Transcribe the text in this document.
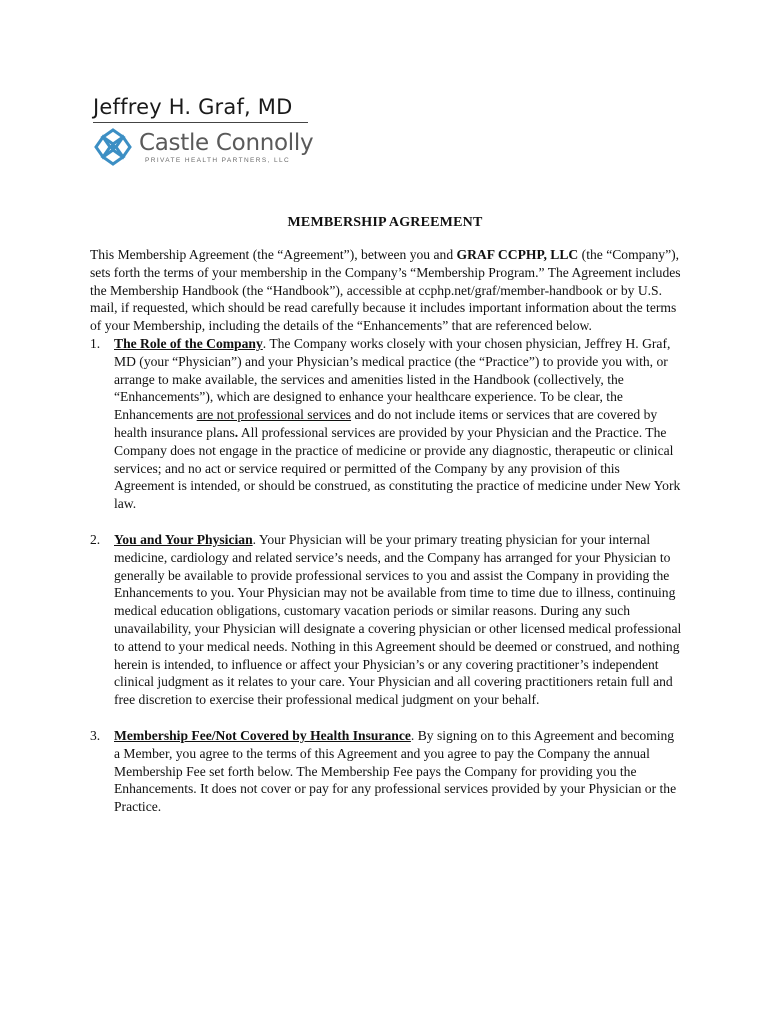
Jeffrey H. Graf, MD
Castle Connolly
PRIVATE HEALTH PARTNERS, LLC
MEMBERSHIP AGREEMENT

This Membership Agreement (the “Agreement”), between you and GRAF CCPHP, LLC (the “Company”), sets forth the terms of your membership in the Company’s “Membership Program.” The Agreement includes the Membership Handbook (the “Handbook”), accessible at ccphp.net/graf/member-handbook or by U.S. mail, if requested, which should be read carefully because it includes important information about the terms of your Membership, including the details of the “Enhancements” that are referenced below.

1. The Role of the Company. The Company works closely with your chosen physician, Jeffrey H. Graf, MD (your “Physician”) and your Physician’s medical practice (the “Practice”) to provide you with, or arrange to make available, the services and amenities listed in the Handbook (collectively, the “Enhancements”), which are designed to enhance your healthcare experience. To be clear, the Enhancements are not professional services and do not include items or services that are covered by health insurance plans. All professional services are provided by your Physician and the Practice. The Company does not engage in the practice of medicine or provide any diagnostic, therapeutic or clinical services; and no act or service required or permitted of the Company by any provision of this Agreement is intended, or should be construed, as constituting the practice of medicine under New York law.
2. You and Your Physician. Your Physician will be your primary treating physician for your internal medicine, cardiology and related service’s needs, and the Company has arranged for your Physician to generally be available to provide professional services to you and assist the Company in providing the Enhancements to you. Your Physician may not be available from time to time due to illness, continuing medical education obligations, customary vacation periods or similar reasons. During any such unavailability, your Physician will designate a covering physician or other licensed medical professional to attend to your medical needs. Nothing in this Agreement should be deemed or construed, and nothing herein is intended, to influence or affect your Physician’s or any covering practitioner’s independent clinical judgment as it relates to your care. Your Physician and all covering practitioners retain full and free discretion to exercise their professional medical judgment on your behalf.
3. Membership Fee/Not Covered by Health Insurance. By signing on to this Agreement and becoming a Member, you agree to the terms of this Agreement and you agree to pay the Company the annual Membership Fee set forth below. The Membership Fee pays the Company for providing you the Enhancements. It does not cover or pay for any professional services provided by your Physician or the Practice.
